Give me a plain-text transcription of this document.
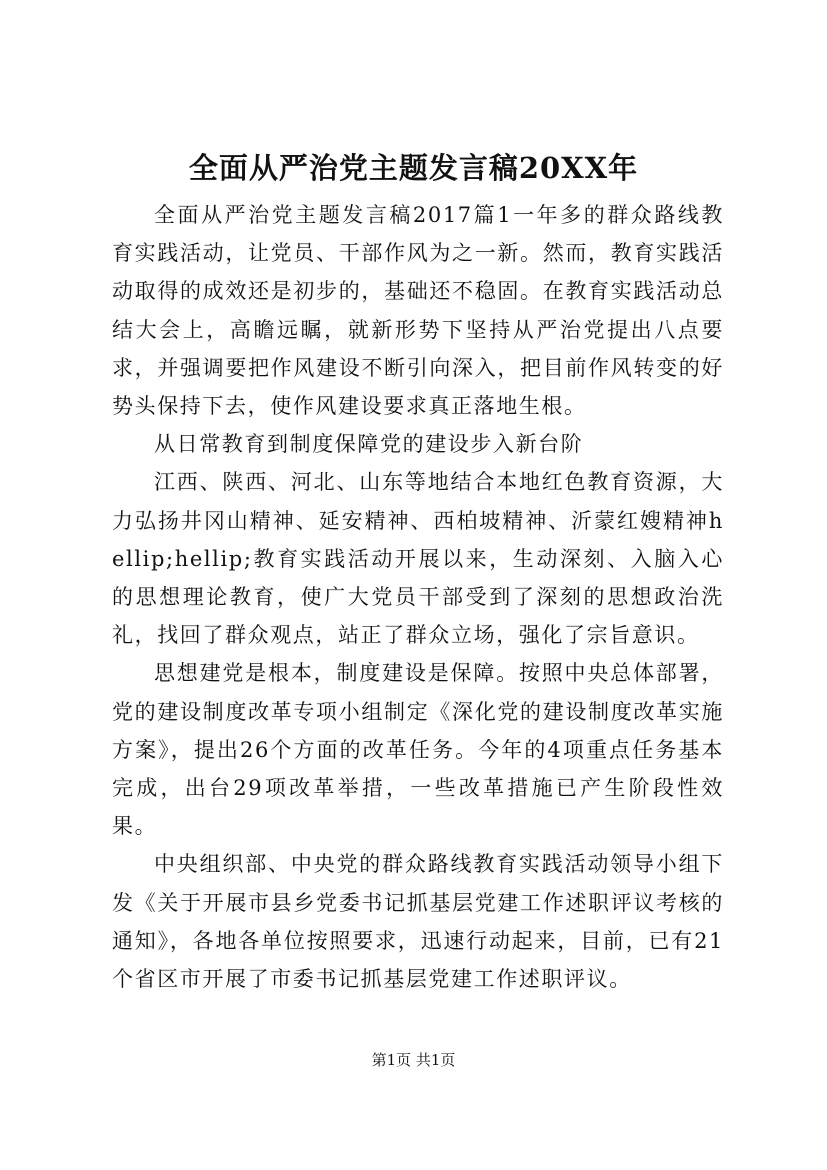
全面从严治党主题发言稿20XX年

全面从严治党主题发言稿2017篇1一年多的群众路线教育实践活动，让党员、干部作风为之一新。然而，教育实践活动取得的成效还是初步的，基础还不稳固。在教育实践活动总结大会上，高瞻远瞩，就新形势下坚持从严治党提出八点要求，并强调要把作风建设不断引向深入，把目前作风转变的好势头保持下去，使作风建设要求真正落地生根。

从日常教育到制度保障党的建设步入新台阶

江西、陕西、河北、山东等地结合本地红色教育资源，大力弘扬井冈山精神、延安精神、西柏坡精神、沂蒙红嫂精神hellip;hellip;教育实践活动开展以来，生动深刻、入脑入心的思想理论教育，使广大党员干部受到了深刻的思想政治洗礼，找回了群众观点，站正了群众立场，强化了宗旨意识。

思想建党是根本，制度建设是保障。按照中央总体部署，党的建设制度改革专项小组制定《深化党的建设制度改革实施方案》，提出26个方面的改革任务。今年的4项重点任务基本完成，出台29项改革举措，一些改革措施已产生阶段性效果。

中央组织部、中央党的群众路线教育实践活动领导小组下发《关于开展市县乡党委书记抓基层党建工作述职评议考核的通知》，各地各单位按照要求，迅速行动起来，目前，已有21个省区市开展了市委书记抓基层党建工作述职评议。

第1页 共1页
